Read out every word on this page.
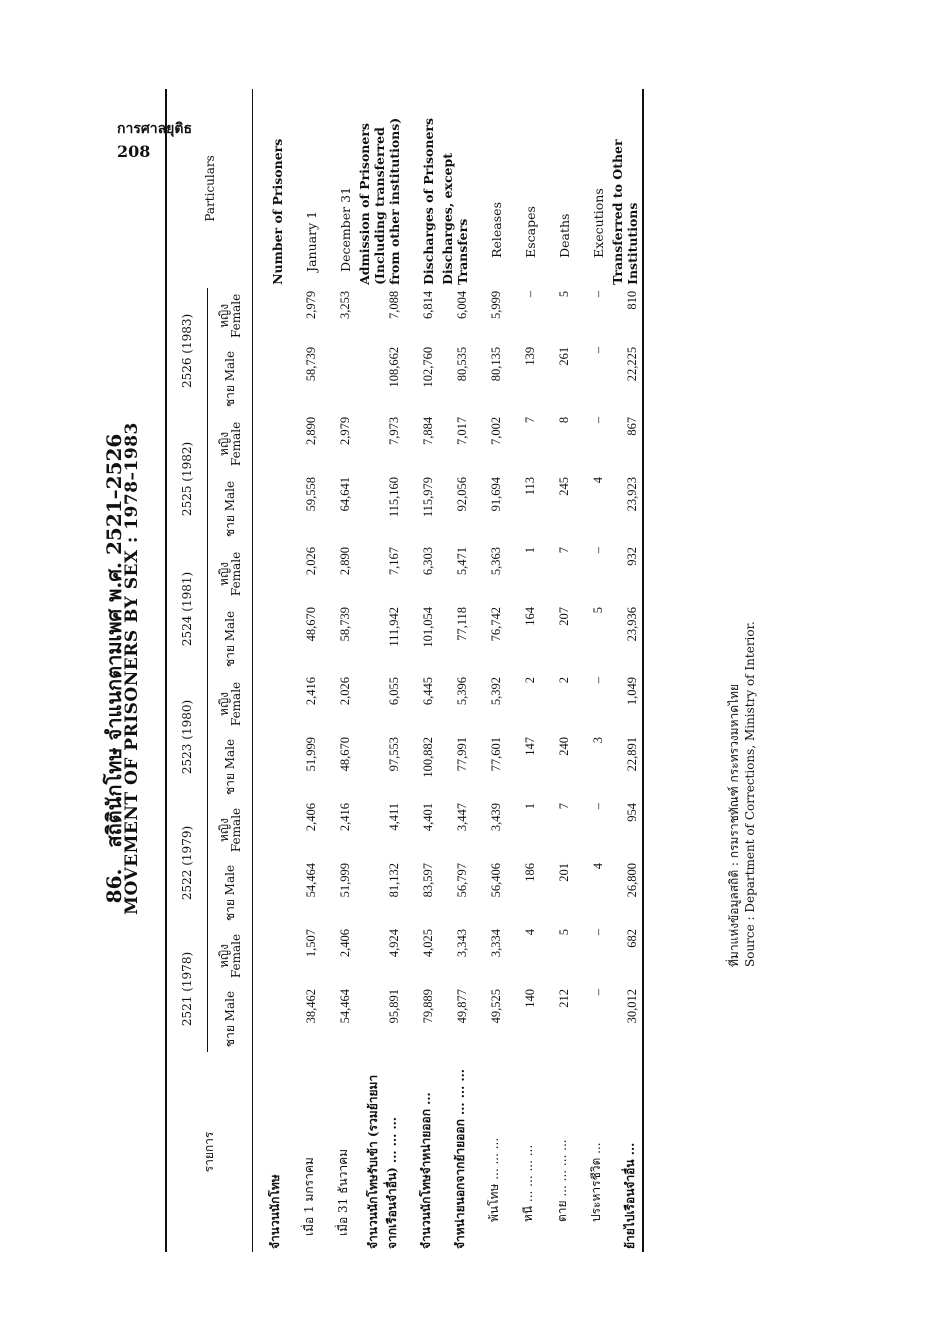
การศาลยุติธ
208
86.   สถิตินักโทษ จำแนกตามเพศ พ.ศ. 2521–2526
MOVEMENT OF PRISONERS BY SEX : 1978–1983
รายการ	2521 (1978)		2522 (1979)		2523 (1980)		2524 (1981)		2525 (1982)		2526 (1983)		Particulars
	ชาย Male	หญิง Female	ชาย Male	หญิง Female	ชาย Male	หญิง Female	ชาย Male	หญิง Female	ชาย Male	หญิง Female	ชาย Male	หญิง Female	
จำนวนนักโทษ													Number of Prisoners
เมื่อ 1 มกราคม	38,462	1,507	54,464	2,406	51,999	2,416	48,670	2,026	59,558	2,890	58,739	2,979	January 1
เมื่อ 31 ธันวาคม	54,464	2,406	51,999	2,416	48,670	2,026	58,739	2,890	64,641	2,979		3,253	December 31
จำนวนนักโทษรับเข้า (รวมย้ายมาจากเรือนจำอื่น) ... ... ...	95,891	4,924	81,132	4,411	97,553	6,055	111,942	7,167	115,160	7,973	108,662	7,088	Admission of Prisoners (Including transferred from other institutions)
จำนวนนักโทษจำหน่ายออก ...	79,889	4,025	83,597	4,401	100,882	6,445	101,054	6,303	115,979	7,884	102,760	6,814	Discharges of Prisoners
จำหน่ายนอกจากย้ายออก ... ... ...	49,877	3,343	56,797	3,447	77,991	5,396	77,118	5,471	92,056	7,017	80,535	6,004	Discharges, except Transfers
พ้นโทษ ... ... ...	49,525	3,334	56,406	3,439	77,601	5,392	76,742	5,363	91,694	7,002	80,135	5,999	Releases
หนี ... ... ... ...	140	4	186	1	147	2	164	1	113	7	139	–	Escapes
ตาย ... ... ... ...	212	5	201	7	240	2	207	7	245	8	261	5	Deaths
ประหารชีวิต ...	–	–	4	–	3	–	5	–	4	–	–	–	Executions
ย้ายไปเรือนจำอื่น ...	30,012	682	26,800	954	22,891	1,049	23,936	932	23,923	867	22,225	810	Transferred to Other Institutions
ที่มาแห่งข้อมูลสถิติ : กรมราชทัณฑ์ กระทรวงมหาดไทย Source : Department of Corrections, Ministry of Interior.
